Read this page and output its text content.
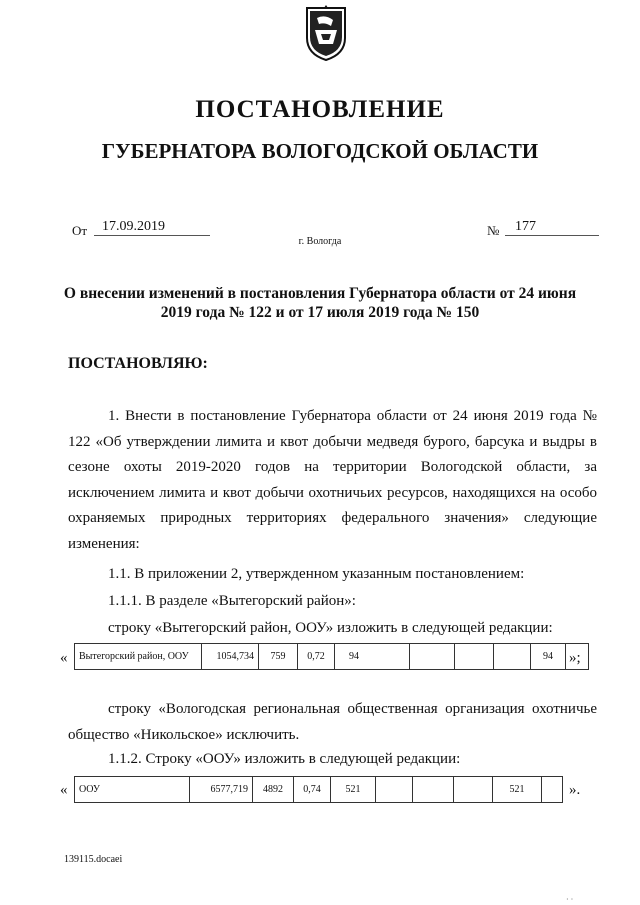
ПОСТАНОВЛЕНИЕ
ГУБЕРНАТОРА ВОЛОГОДСКОЙ ОБЛАСТИ
От	17.09.2019	№	177
г. Вологда
О внесении изменений в постановления Губернатора области от 24 июня 2019 года № 122 и от 17 июля 2019 года № 150
ПОСТАНОВЛЯЮ:
1. Внести в постановление Губернатора области от 24 июня 2019 года № 122 «Об утверждении лимита и квот добычи медведя бурого, барсука и выдры в сезоне охоты 2019-2020 годов на территории Вологодской области, за исключением лимита и квот добычи охотничьих ресурсов, находящихся на особо охраняемых природных территориях федерального значения» следующие изменения:
1.1. В приложении 2, утвержденном указанным постановлением:
1.1.1. В разделе «Вытегорский район»:
строку «Вытегорский район, ООУ» изложить в следующей редакции:
« Вытегорский район, ООУ	1054,734	759	0,72	94				94	»;
строку «Вологодская региональная общественная организация охотничье общество «Никольское» исключить.
1.1.2. Строку «ООУ» изложить в следующей редакции:
« ООУ	6577,719	4892	0,74	521				521		».
139115.docaei
· ·
